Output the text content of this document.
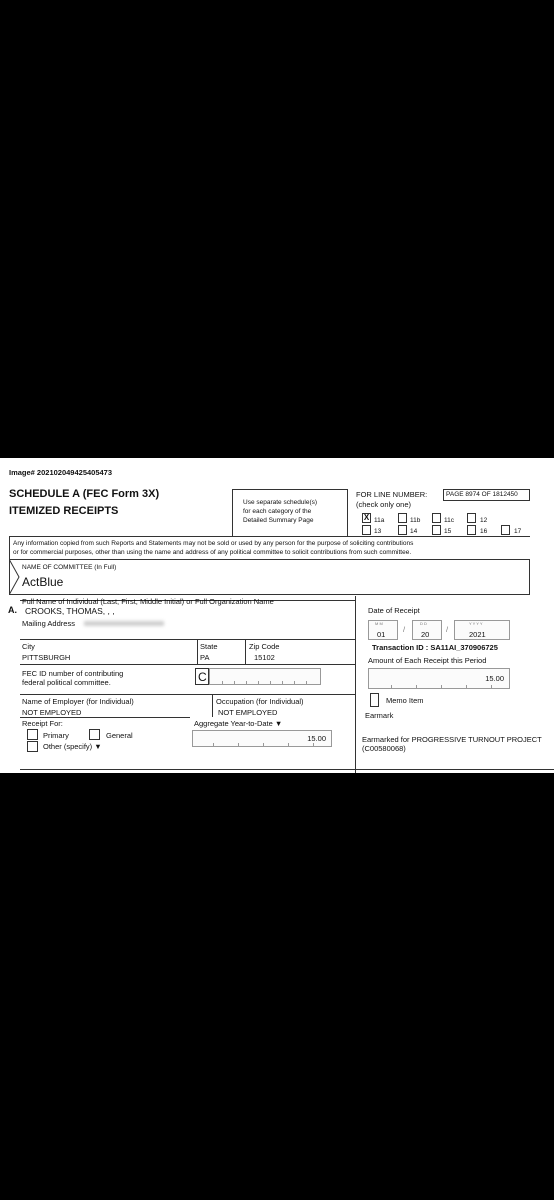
Image# 202102049425405473
SCHEDULE A (FEC Form 3X)
ITEMIZED RECEIPTS
Use separate schedule(s)
for each category of the
Detailed Summary Page
FOR LINE NUMBER:
(check only one)
PAGE 8974 OF 1812450
X 11a	11b	11c	12
13	14	15	16	17
Any information copied from such Reports and Statements may not be sold or used by any person for the purpose of soliciting contributions
or for commercial purposes, other than using the name and address of any political committee to solicit contributions from such committee.
NAME OF COMMITTEE (In Full)
ActBlue
A.
Full Name of Individual (Last, First, Middle Initial) or Full Organization Name
CROOKS, THOMAS, , ,
Mailing Address
City
PITTSBURGH
State
PA
Zip Code
15102
FEC ID number of contributing
federal political committee.	C
Name of Employer (for Individual)
NOT EMPLOYED
Occupation (for Individual)
NOT EMPLOYED
Receipt For:
Primary	General
Other (specify) ▼
Aggregate Year-to-Date ▼
15.00
Date of Receipt
M M
01
/
D D
20
/
Y Y Y Y
2021
Transaction ID : SA11AI_370906725
Amount of Each Receipt this Period
15.00
Memo Item
Earmark
Earmarked for PROGRESSIVE TURNOUT PROJECT
(C00580068)
